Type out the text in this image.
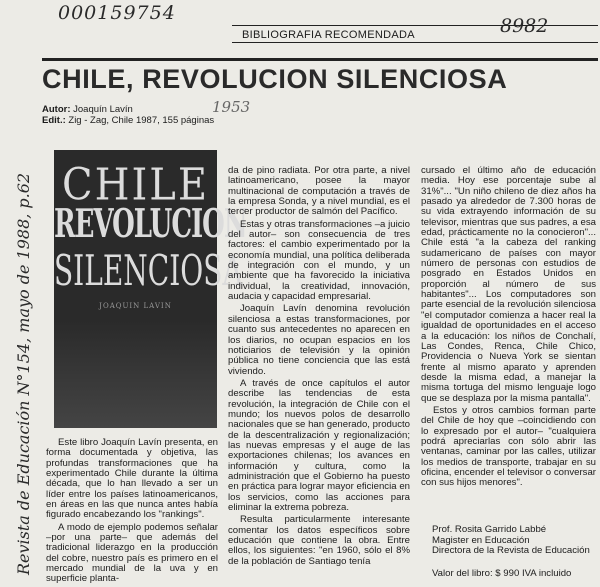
000159754
8982
1953
Revista de Educación N°154, mayo de 1988, p.62
BIBLIOGRAFIA RECOMENDADA
CHILE, REVOLUCION SILENCIOSA
Autor: Joaquín Lavín
Edit.: Zig - Zag, Chile 1987, 155 páginas
CHILE
REVOLUCION
SILENCIOSA
JOAQUIN LAVIN

Este libro Joaquín Lavín presenta, en forma documentada y objetiva, las profundas transformaciones que ha experimentado Chile durante la última década, que lo han llevado a ser un líder entre los países latinoamericanos, en áreas en las que nunca antes había figurado encabezando los "rankings".

A modo de ejemplo podemos señalar –por una parte– que además del tradicional liderazgo en la producción del cobre, nuestro país es primero en el mercado mundial de la uva y en superficie planta-

da de pino radiata. Por otra parte, a nivel latinoamericano, posee la mayor multinacional de computación a través de la empresa Sonda, y a nivel mundial, es el tercer productor de salmón del Pacífico.

Estas y otras transformaciones –a juicio del autor– son consecuencia de tres factores: el cambio experimentado por la economía mundial, una política deliberada de integración con el mundo, y un ambiente que ha favorecido la iniciativa individual, la creatividad, innovación, audacia y capacidad empresarial.

Joaquín Lavín denomina revolución silenciosa a estas transformaciones, por cuanto sus antecedentes no aparecen en los diarios, no ocupan espacios en los noticiarios de televisión y la opinión pública no tiene conciencia que las está viviendo.

A través de once capítulos el autor describe las tendencias de esta revolución, la integración de Chile con el mundo; los nuevos polos de desarrollo nacionales que se han generado, producto de la descentralización y regionalización; las nuevas empresas y el auge de las exportaciones chilenas; los avances en información y cultura, como la administración que el Gobierno ha puesto en práctica para lograr mayor eficiencia en los servicios, como las acciones para eliminar la extrema pobreza.

Resulta particularmente interesante comentar los datos específicos sobre educación que contiene la obra. Entre ellos, los siguientes: "en 1960, sólo el 8% de la población de Santiago tenía

cursado el último año de educación media. Hoy ese porcentaje sube al 31%"... "Un niño chileno de diez años ha pasado ya alrededor de 7.300 horas de su vida extrayendo información de su televisor, mientras que sus padres, a esa edad, prácticamente no la conocieron"... Chile está "a la cabeza del ranking sudamericano de países con mayor número de personas con estudios de posgrado en Estados Unidos en proporción al número de sus habitantes"... Los computadores son parte esencial de la revolución silenciosa "el computador comienza a hacer real la igualdad de oportunidades en el acceso a la educación: los niños de Conchalí, Las Condes, Renca, Chile Chico, Providencia o Nueva York se sientan frente al mismo aparato y aprenden desde la misma edad, a manejar la misma tortuga del mismo lenguaje logo que se desplaza por la misma pantalla".

Estos y otros cambios forman parte del Chile de hoy que –coincidiendo con lo expresado por el autor– "cualquiera podrá apreciarlas con sólo abrir las ventanas, caminar por las calles, utilizar los medios de transporte, trabajar en su oficina, encender el televisor o conversar con sus hijos menores".

Prof. Rosita Garrido Labbé
Magister en Educación
Directora de la Revista de Educación
Valor del libro: $ 990 IVA incluido
